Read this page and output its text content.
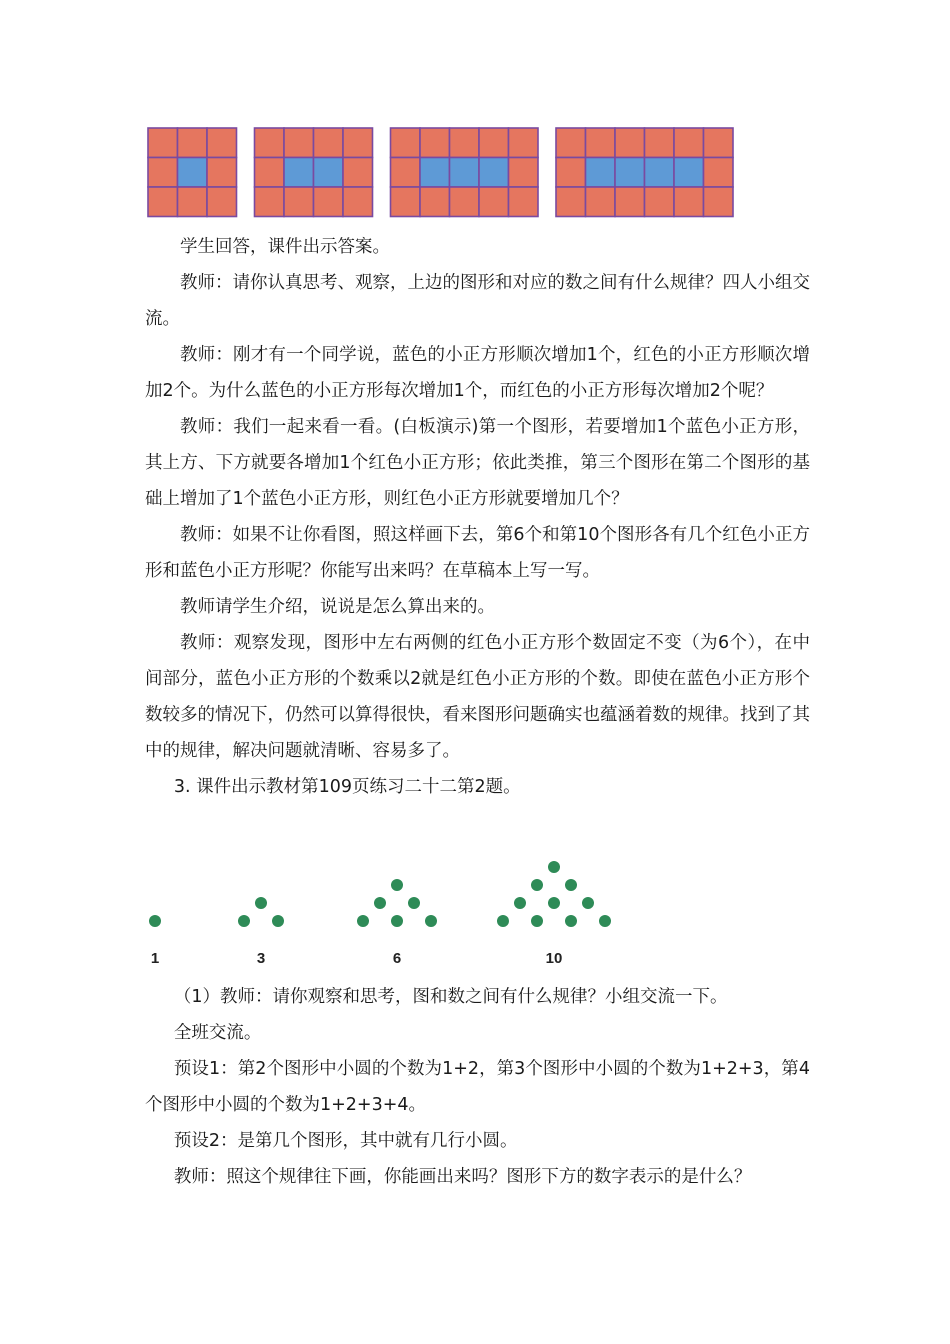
学生回答，课件出示答案。

教师：请你认真思考、观察，上边的图形和对应的数之间有什么规律？四人小组交流。

教师：刚才有一个同学说，蓝色的小正方形顺次增加1个，红色的小正方形顺次增加2个。为什么蓝色的小正方形每次增加1个，而红色的小正方形每次增加2个呢？

教师：我们一起来看一看。(白板演示)第一个图形，若要增加1个蓝色小正方形，其上方、下方就要各增加1个红色小正方形；依此类推，第三个图形在第二个图形的基础上增加了1个蓝色小正方形，则红色小正方形就要增加几个？

教师：如果不让你看图，照这样画下去，第6个和第10个图形各有几个红色小正方形和蓝色小正方形呢？你能写出来吗？在草稿本上写一写。

教师请学生介绍，说说是怎么算出来的。

教师：观察发现，图形中左右两侧的红色小正方形个数固定不变（为6个），在中间部分，蓝色小正方形的个数乘以2就是红色小正方形的个数。即使在蓝色小正方形个数较多的情况下，仍然可以算得很快，看来图形问题确实也蕴涵着数的规律。找到了其中的规律，解决问题就清晰、容易多了。

3. 课件出示教材第109页练习二十二第2题。

1	3	6	10

（1）教师：请你观察和思考，图和数之间有什么规律？小组交流一下。

全班交流。

预设1：第2个图形中小圆的个数为1+2，第3个图形中小圆的个数为1+2+3，第4个图形中小圆的个数为1+2+3+4。

预设2：是第几个图形，其中就有几行小圆。

教师：照这个规律往下画，你能画出来吗？图形下方的数字表示的是什么？
